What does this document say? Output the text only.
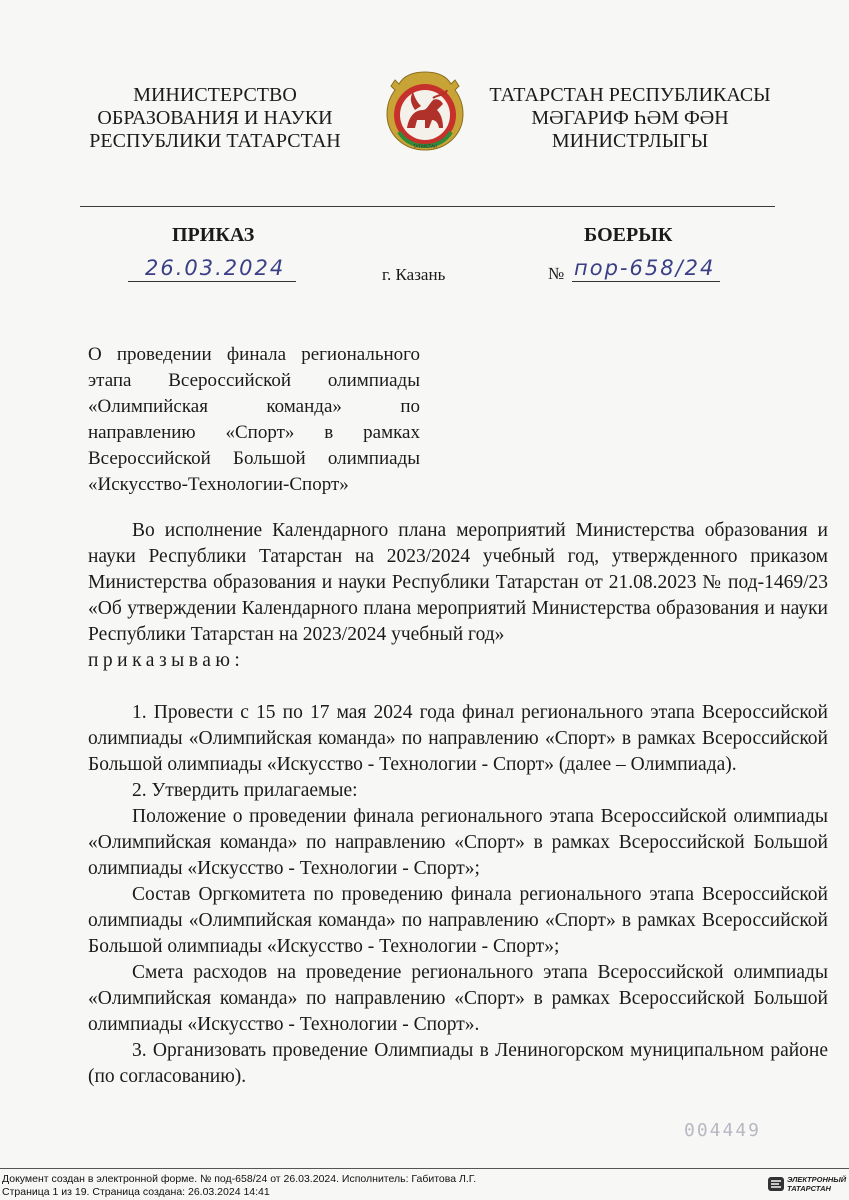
МИНИСТЕРСТВО
ОБРАЗОВАНИЯ И НАУКИ
РЕСПУБЛИКИ ТАТАРСТАН	ТАТАРСТАН
ТАТАРСТАН РЕСПУБЛИКАСЫ
МӘГАРИФ ҺӘМ ФӘН
МИНИСТРЛЫГЫ
ПРИКАЗ	БОЕРЫК
26.03.2024	г. Казань	№ пор-658/24
О проведении финала регионального
этапа Всероссийской олимпиады
«Олимпийская команда» по
направлению «Спорт» в рамках
Всероссийской Большой олимпиады
«Искусство-Технологии-Спорт»

Во исполнение Календарного плана мероприятий Министерства образования и науки Республики Татарстан на 2023/2024 учебный год, утвержденного приказом Министерства образования и науки Республики Татарстан от 21.08.2023 № под-1469/23 «Об утверждении Календарного плана мероприятий Министерства образования и науки Республики Татарстан на 2023/2024 учебный год»

приказываю:

1. Провести с 15 по 17 мая 2024 года финал регионального этапа Всероссийской олимпиады «Олимпийская команда» по направлению «Спорт» в рамках Всероссийской Большой олимпиады «Искусство - Технологии - Спорт» (далее – Олимпиада).

2. Утвердить прилагаемые:

Положение о проведении финала регионального этапа Всероссийской олимпиады «Олимпийская команда» по направлению «Спорт» в рамках Всероссийской Большой олимпиады «Искусство - Технологии - Спорт»;

Состав Оргкомитета по проведению финала регионального этапа Всероссийской олимпиады «Олимпийская команда» по направлению «Спорт» в рамках Всероссийской Большой олимпиады «Искусство - Технологии - Спорт»;

Смета расходов на проведение регионального этапа Всероссийской олимпиады «Олимпийская команда» по направлению «Спорт» в рамках Всероссийской Большой олимпиады «Искусство - Технологии - Спорт».

3. Организовать проведение Олимпиады в Лениногорском муниципальном районе (по согласованию).

004449
Документ создан в электронной форме. № под-658/24 от 26.03.2024. Исполнитель: Габитова Л.Г.
Страница 1 из 19. Страница создана: 26.03.2024 14:41
ЭЛЕКТРОННЫЙ
ТАТАРСТАН
